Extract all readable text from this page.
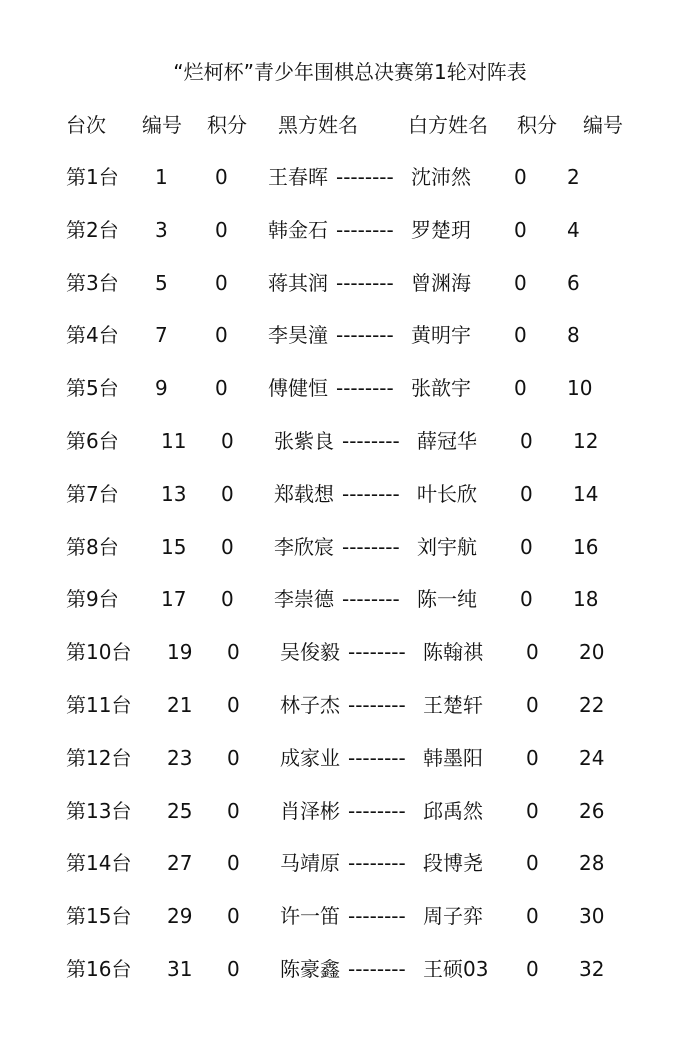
“烂柯杯”青少年围棋总决赛第1轮对阵表
台次 编号 积分 黑方姓名	白方姓名 积分 编号
第1台 1 0 王春晖 -------- 沈沛然 0 2
第2台 3 0 韩金石 -------- 罗楚玥 0 4
第3台 5 0 蒋其润 -------- 曾渊海 0 6
第4台 7 0 李昊潼 -------- 黄明宇 0 8
第5台 9 0 傅健恒 -------- 张歆宇 0 10
第6台 11 0 张紫良 -------- 薛冠华 0 12
第7台 13 0 郑载想 -------- 叶长欣 0 14
第8台 15 0 李欣宸 -------- 刘宇航 0 16
第9台 17 0 李崇德 -------- 陈一纯 0 18
第10台 19 0 吴俊毅 -------- 陈翰祺 0 20
第11台 21 0 林子杰 -------- 王楚轩 0 22
第12台 23 0 成家业 -------- 韩墨阳 0 24
第13台 25 0 肖泽彬 -------- 邱禹然 0 26
第14台 27 0 马靖原 -------- 段博尧 0 28
第15台 29 0 许一笛 -------- 周子弈 0 30
第16台 31 0 陈豪鑫 -------- 王硕03 0 32
